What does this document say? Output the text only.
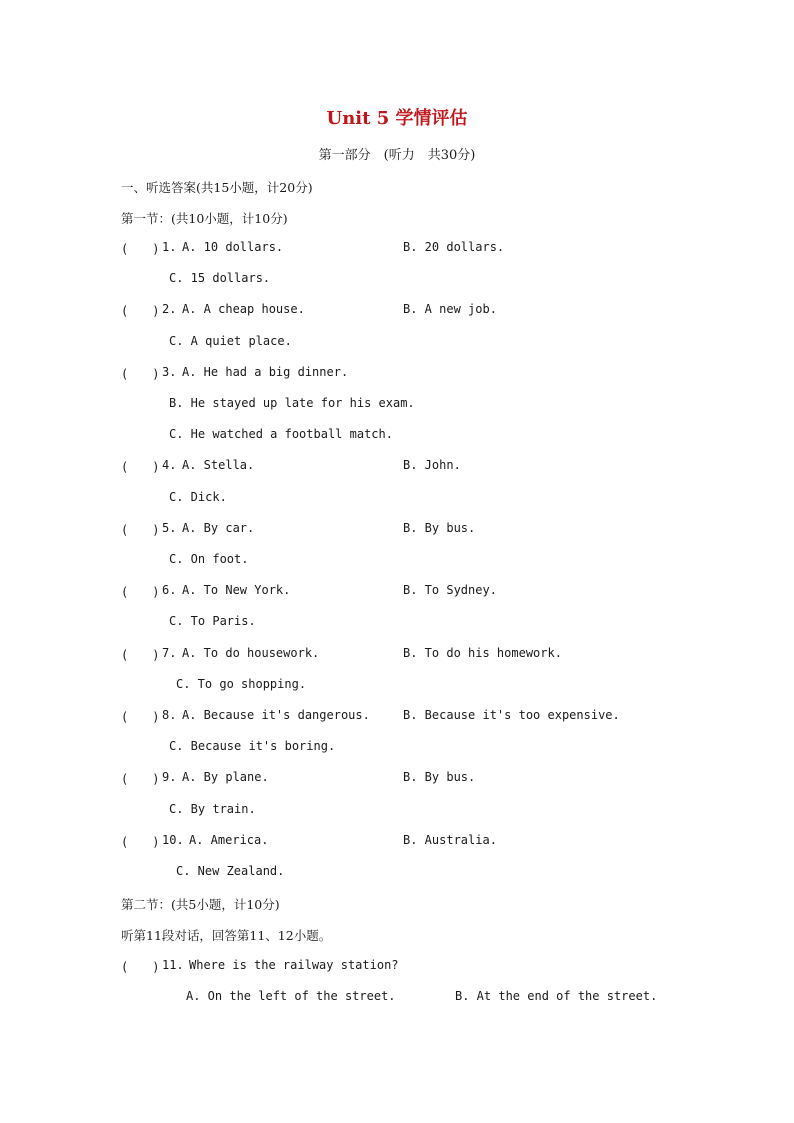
Unit 5 学情评估
第一部分　(听力　共30分)
一、听选答案(共15小题，计20分)
第一节：(共10小题，计10分)
(　　) 1. A. 10 dollars.	B. 20 dollars.
C. 15 dollars.
(　　) 2. A. A cheap house.	B. A new job.
C. A quiet place.
(　　) 3. A. He had a big dinner.
B. He stayed up late for his exam.
C. He watched a football match.
(　　) 4. A. Stella.	B. John.
C. Dick.
(　　) 5. A. By car.	B. By bus.
C. On foot.
(　　) 6. A. To New York.	B. To Sydney.
C. To Paris.
(　　) 7. A. To do housework.	B. To do his homework.
C. To go shopping.
(　　) 8. A. Because it's dangerous.	B. Because it's too expensive.
C. Because it's boring.
(　　) 9. A. By plane.	B. By bus.
C. By train.
(　　) 10. A. America.	B. Australia.
C. New Zealand.
第二节：(共5小题，计10分)
听第11段对话，回答第11、12小题。
(　　) 11. Where is the railway station?
A. On the left of the street.	B. At the end of the street.
